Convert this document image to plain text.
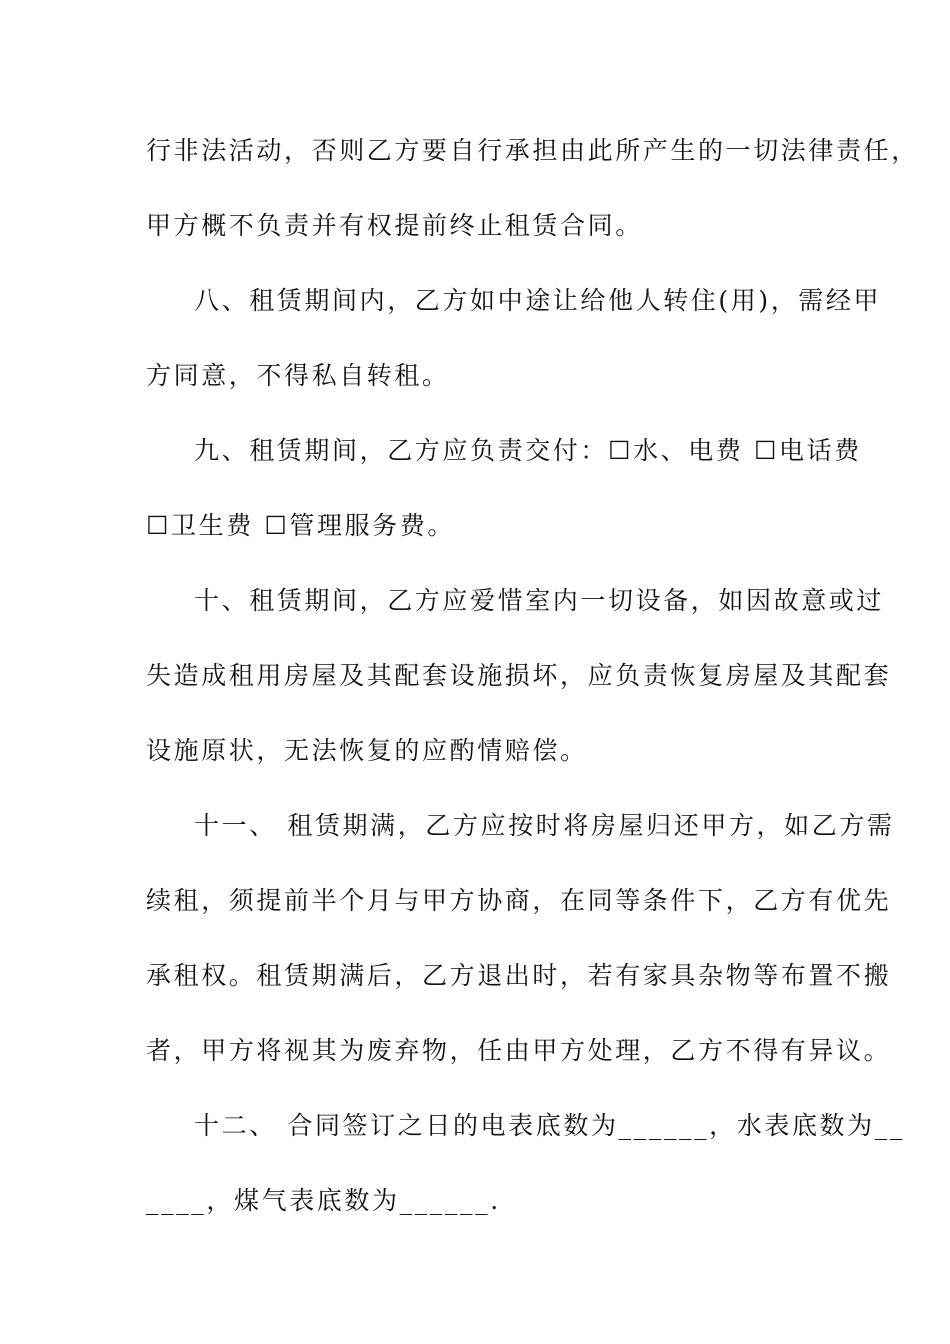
行非法活动，否则乙方要自行承担由此所产生的一切法律责任，
甲方概不负责并有权提前终止租赁合同。
八、租赁期间内，乙方如中途让给他人转住(用)，需经甲
方同意，不得私自转租。
九、租赁期间，乙方应负责交付：☐水、电费 ☐电话费
☐卫生费 ☐管理服务费。
十、租赁期间，乙方应爱惜室内一切设备，如因故意或过
失造成租用房屋及其配套设施损坏，应负责恢复房屋及其配套
设施原状，无法恢复的应酌情赔偿。
十一、 租赁期满，乙方应按时将房屋归还甲方，如乙方需
续租，须提前半个月与甲方协商，在同等条件下，乙方有优先
承租权。租赁期满后，乙方退出时，若有家具杂物等布置不搬
者，甲方将视其为废弃物，任由甲方处理，乙方不得有异议。
十二、 合同签订之日的电表底数为______，水表底数为__
____，煤气表底数为______.
